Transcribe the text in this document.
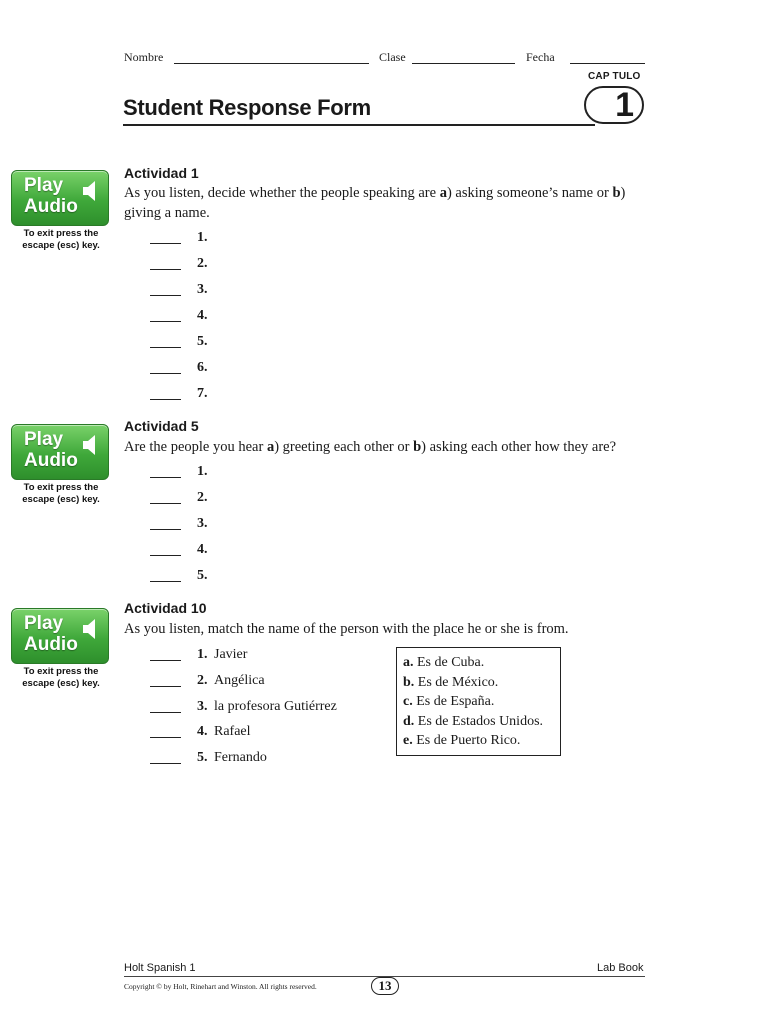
Nombre	Clase	Fecha
CAP TULO
1
Student Response Form
Play
Audio
To exit press the
escape (esc) key.
Actividad 1
As you listen, decide whether the people speaking are a) asking someone’s name or b) giving a name.
1.
2.
3.
4.
5.
6.
7.
Play
Audio
To exit press the
escape (esc) key.
Actividad 5
Are the people you hear a) greeting each other or b) asking each other how they are?
1.
2.
3.
4.
5.
Play
Audio
To exit press the
escape (esc) key.
Actividad 10
As you listen, match the name of the person with the place he or she is from.
1. Javier
2. Angélica
3. la profesora Gutiérrez
4. Rafael
5. Fernando
a. Es de Cuba.
b. Es de México.
c. Es de España.
d. Es de Estados Unidos.
e. Es de Puerto Rico.
Holt Spanish 1	Lab Book
Copyright © by Holt, Rinehart and Winston. All rights reserved.	13
